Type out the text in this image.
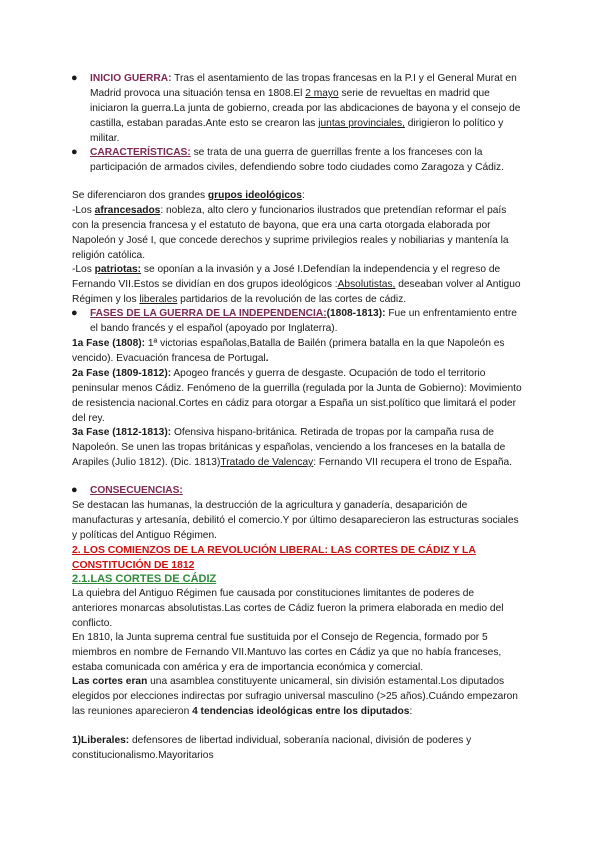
● INICIO GUERRA: Tras el asentamiento de las tropas francesas en la P.I y el General Murat en Madrid provoca una situación tensa en 1808.El 2 mayo serie de revueltas en madrid que iniciaron la guerra.La junta de gobierno, creada por las abdicaciones de bayona y el consejo de castilla, estaban paradas.Ante esto se crearon las juntas provinciales, dirigieron lo político y militar.
● CARACTERÍSTICAS: se trata de una guerra de guerrillas frente a los franceses con la participación de armados civiles, defendiendo sobre todo ciudades como Zaragoza y Cádiz.
Se diferenciaron dos grandes grupos ideológicos:
-Los afrancesados: nobleza, alto clero y funcionarios ilustrados que pretendían reformar el país con la presencia francesa y el estatuto de bayona, que era una carta otorgada elaborada por Napoleón y José I, que concede derechos y suprime privilegios reales y nobiliarias y mantenía la religión católica.
-Los patriotas: se oponían a la invasión y a José I.Defendían la independencia y el regreso de Fernando VII.Estos se dividían en dos grupos ideológicos :Absolutistas, deseaban volver al Antiguo Régimen y los liberales partidarios de la revolución de las cortes de cádiz.
● FASES DE LA GUERRA DE LA INDEPENDENCIA:(1808-1813): Fue un enfrentamiento entre el bando francés y el español (apoyado por Inglaterra).
1a Fase (1808): 1ª victorias españolas,Batalla de Bailén (primera batalla en la que Napoleón es vencido). Evacuación francesa de Portugal.
2a Fase (1809-1812): Apogeo francés y guerra de desgaste. Ocupación de todo el territorio peninsular menos Cádiz. Fenómeno de la guerrilla (regulada por la Junta de Gobierno): Movimiento de resistencia nacional.Cortes en cádiz para otorgar a España un sist.político que limitará el poder del rey.
3a Fase (1812-1813): Ofensiva hispano-británica. Retirada de tropas por la campaña rusa de Napoleón. Se unen las tropas británicas y españolas, venciendo a los franceses en la batalla de Arapiles (Julio 1812). (Dic. 1813)Tratado de Valencay: Fernando VII recupera el trono de España.
● CONSECUENCIAS:
Se destacan las humanas, la destrucción de la agricultura y ganadería, desaparición de manufacturas y artesanía, debilitó el comercio.Y por último desaparecieron las estructuras sociales y políticas del Antiguo Régimen.
2. LOS COMIENZOS DE LA REVOLUCIÓN LIBERAL: LAS CORTES DE CÁDIZ Y LA CONSTITUCIÓN DE 1812
2.1.LAS CORTES DE CÁDIZ
La quiebra del Antiguo Régimen fue causada por constituciones limitantes de poderes de anteriores monarcas absolutistas.Las cortes de Cádiz fueron la primera elaborada en medio del conflicto.
En 1810, la Junta suprema central fue sustituida por el Consejo de Regencia, formado por 5 miembros en nombre de Fernando VII.Mantuvo las cortes en Cádiz ya que no había franceses, estaba comunicada con américa y era de importancia económica y comercial.
Las cortes eran una asamblea constituyente unicameral, sin división estamental.Los diputados elegidos por elecciones indirectas por sufragio universal masculino (>25 años).Cuándo empezaron las reuniones aparecieron 4 tendencias ideológicas entre los diputados:
1)Liberales: defensores de libertad individual, soberanía nacional, división de poderes y constitucionalismo.Mayoritarios
